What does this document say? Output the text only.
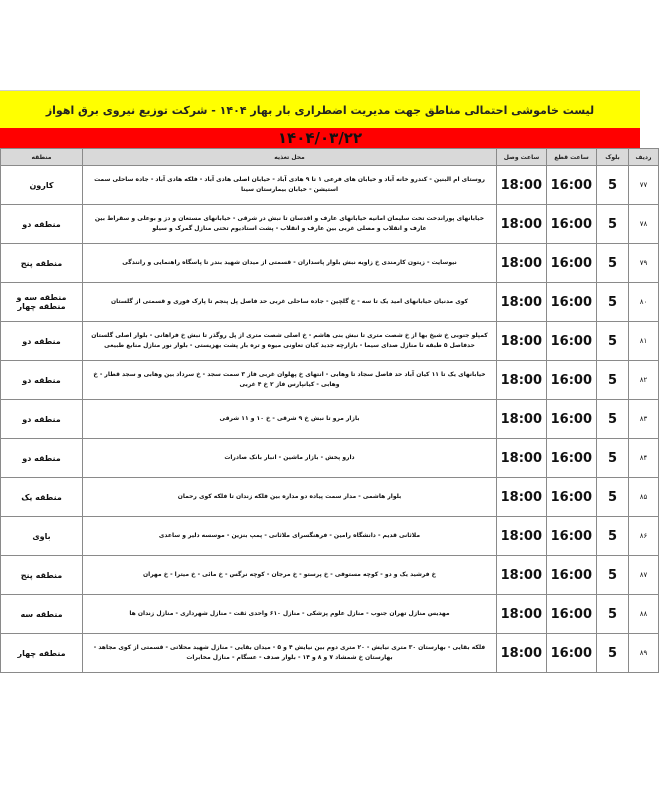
لیست خاموشی احتمالی مناطق جهت مدیریت اضطراری بار بهار ۱۴۰۴ - شرکت توزیع نیروی برق اهواز
۱۴۰۴/۰۳/۲۲
ردیف	بلوک	ساعت قطع	ساعت وصل	محل تغذیه	منطقه
۷۷	5	16:00	18:00	روستای ام البنین - کندرو خانه آباد و خیابان های فرعی ۱ تا ۹ هادی آباد - خیابان اصلی هادی آباد - فلکه هادی آباد - جاده ساحلی سمت استیشن - خیابان بیمارستان سینا	کارون
۷۸	5	16:00	18:00	خیابانهای پوراندخت تخت سلیمان امانیه خیابانهای عارف و اقدسان تا نبش در شرقی - خیابانهای مستعان و دز و بوعلی و سقراط بین عارف و انقلاب و مصلی غربی بین عارف و انقلاب - پشت استادیوم تختی منازل گمرک و سیلو	منطقه دو
۷۹	5	16:00	18:00	نیوسایت - زیتون کارمندی خ زاویه نبش بلوار پاسداران - قسمتی از میدان شهید بندر تا پاسگاه راهنمایی و رانندگی	منطقه پنج
۸۰	5	16:00	18:00	کوی مدنیان خیابانهای امید یک تا سه - خ گلچین - جاده ساحلی غربی حد فاصل پل پنجم تا پارک فوری و قسمتی از گلستان	منطقه سه و منطقه چهار
۸۱	5	16:00	18:00	کمپلو جنوبی خ شیخ بها از خ شصت متری تا نبش بنی هاشم - خ اصلی شصت متری از پل روگذر تا نبش خ فراهانی - بلوار اصلی گلستان حدفاصل ۵ طبقه تا منازل صدای سیما - بازارچه جدید کیان تعاونی میوه و تره بار پشت بهزیستی - بلوار نور منازل منابع طبیعی	منطقه دو
۸۲	5	16:00	18:00	خیابانهای یک تا ۱۱ کیان آباد حد فاصل سجاد تا وهابی - انتهای خ پهلوان غربی فاز ۳ سمت سجد - خ سرداد بین وهابی و سجد قطار - خ وهابی - کیانپارس فاز ۲ خ ۴ غربی	منطقه دو
۸۳	5	16:00	18:00	بازار مرو تا نبش خ ۹ شرقی - خ ۱۰ و ۱۱ شرقی	منطقه دو
۸۴	5	16:00	18:00	دارو پخش - بازار ماشین - انبار بانک صادرات	منطقه دو
۸۵	5	16:00	18:00	بلوار هاشمی - مدار سمت پیاده دو مداره بین فلکه زندان تا فلکه کوی رحمان	منطقه یک
۸۶	5	16:00	18:00	ملاثانی قدیم - دانشگاه رامین - فرهنگسرای ملاثانی - پمپ بنزین - موسسه دلیر و ساعدی	باوی
۸۷	5	16:00	18:00	خ فرشید یک و دو - کوچه مستوفی - خ پرستو - خ مرجان - کوچه نرگس - خ مائی - خ میترا - خ مهران	منطقه پنج
۸۸	5	16:00	18:00	مهدیس منازل تهران جنوب - منازل علوم پزشکی - منازل ۶۱۰ واحدی ثقت - منازل شهرداری - منازل زندان ها	منطقه سه
۸۹	5	16:00	18:00	فلکه بقایی - بهارستان ۳۰ متری نیایش - ۲۰ متری دوم بین نیایش ۴ و ۵ - میدان بقایی - منازل شهید محلاتی - قسمتی از کوی مجاهد - بهارستان خ شمشاد ۷ و ۸ و ۱۴ - بلوار صدف - عسگام - منازل مخابرات	منطقه چهار
